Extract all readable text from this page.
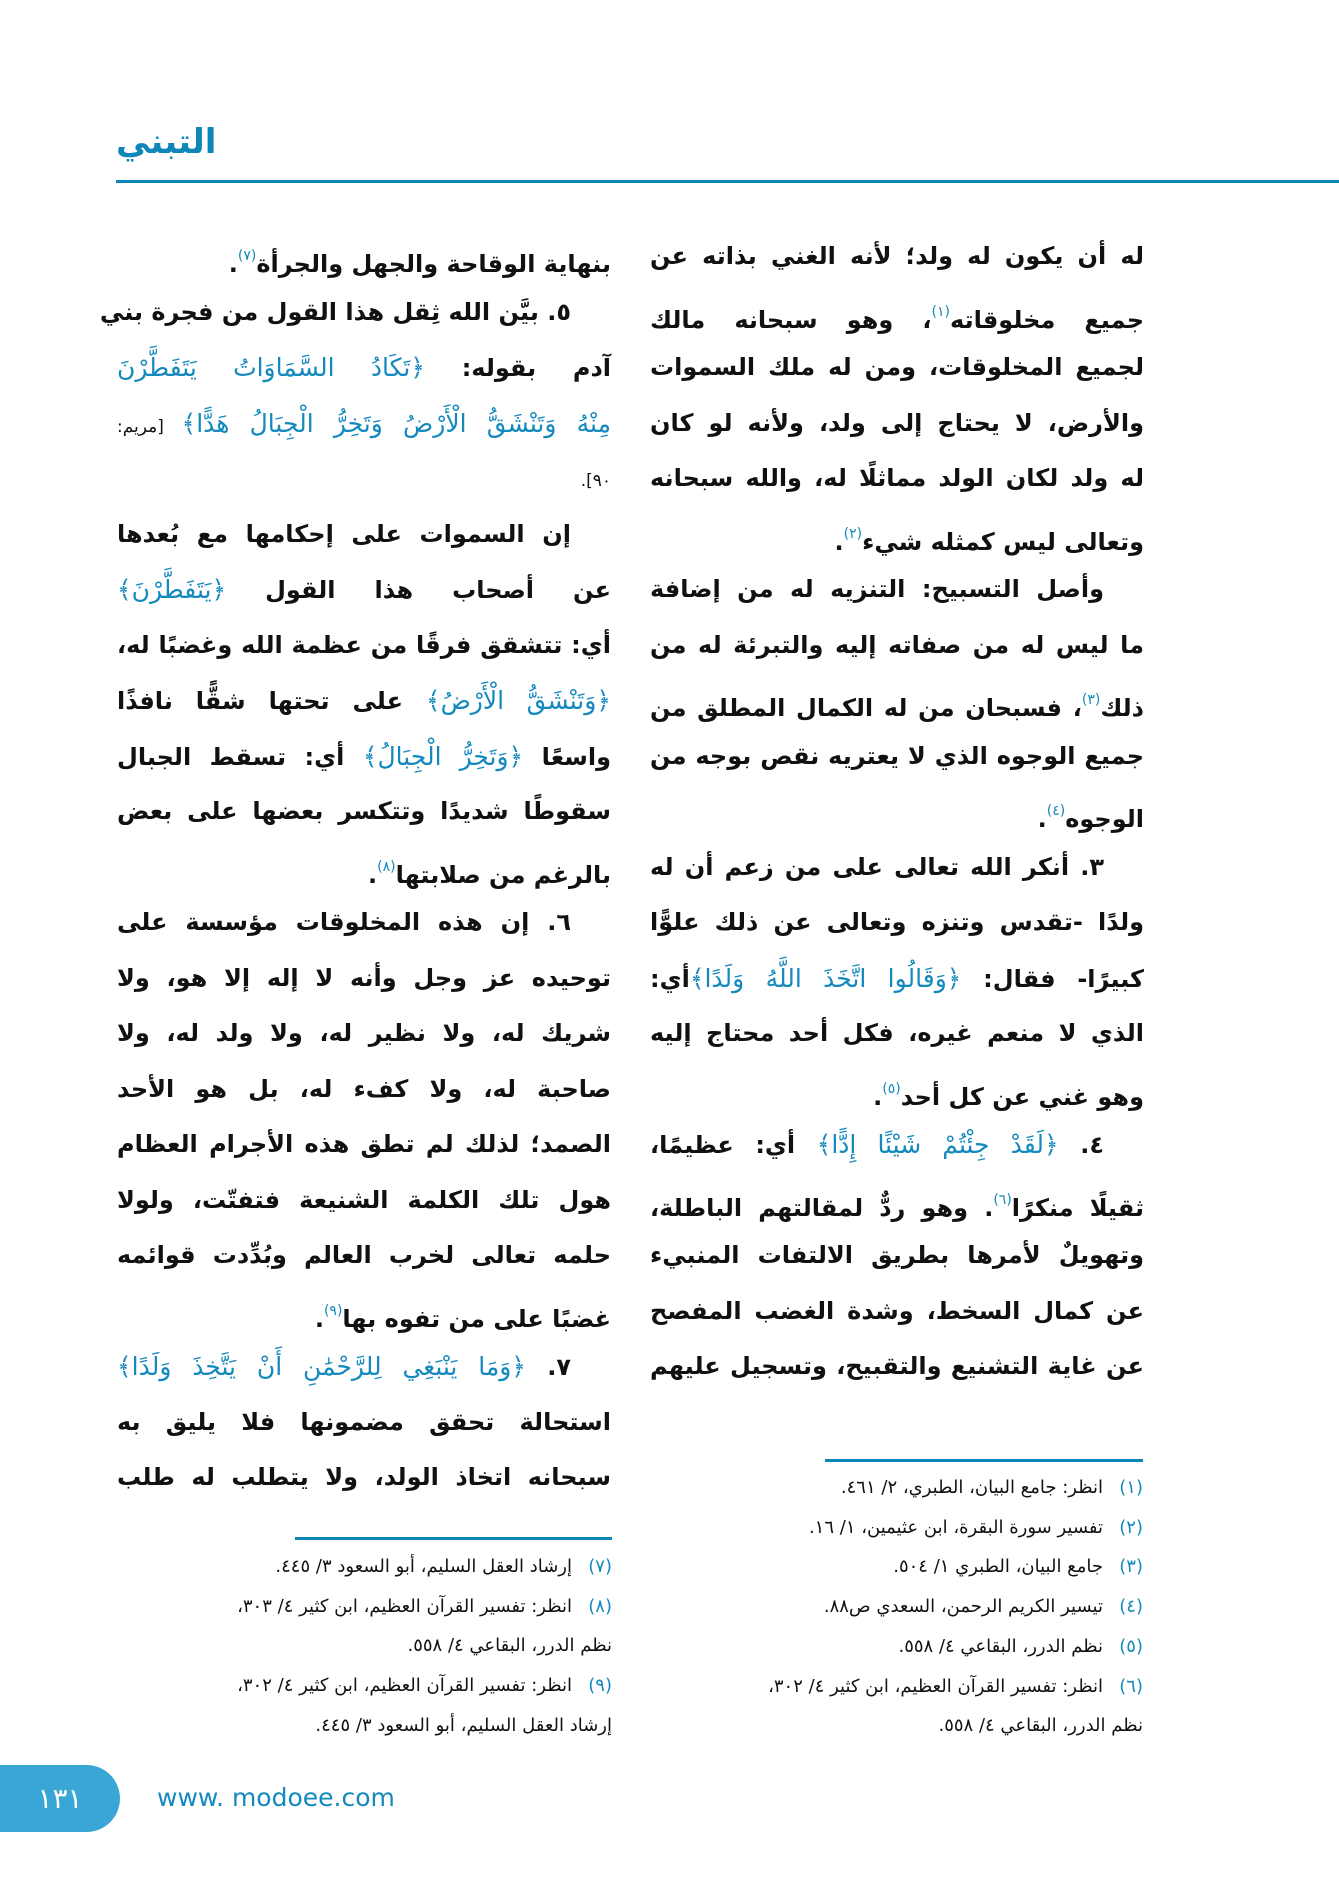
التبني
له أن يكون له ولد؛ لأنه الغني بذاته عن
جميع مخلوقاته$^{(١)}$، وهو سبحانه مالك
لجميع المخلوقات، ومن له ملك السموات
والأرض، لا يحتاج إلى ولد، ولأنه لو كان
له ولد لكان الولد مماثلًا له، والله سبحانه
وتعالى ليس كمثله شيء$^{(٢)}$.
وأصل التسبيح: التنزيه له من إضافة
ما ليس له من صفاته إليه والتبرئة له من
ذلك$^{(٣)}$، فسبحان من له الكمال المطلق من
جميع الوجوه الذي لا يعتريه نقص بوجه من
الوجوه$^{(٤)}$.
٣. أنكر الله تعالى على من زعم أن له
ولدًا -تقدس وتنزه وتعالى عن ذلك علوًّا
كبيرًا- فقال: ﴿وَقَالُوا اتَّخَذَ اللَّهُ وَلَدًا﴾أي:
الذي لا منعم غيره، فكل أحد محتاج إليه
وهو غني عن كل أحد$^{(٥)}$.
٤. ﴿لَقَدْ جِئْتُمْ شَيْئًا إِدًّا﴾ أي: عظيمًا،
ثقيلًا منكرًا$^{(٦)}$. وهو ردٌّ لمقالتهم الباطلة،
وتهويلٌ لأمرها بطريق الالتفات المنبيء
عن كمال السخط، وشدة الغضب المفصح
عن غاية التشنيع والتقبيح، وتسجيل عليهم
بنهاية الوقاحة والجهل والجرأة$^{(٧)}$.
٥. بيَّن الله ثِقل هذا القول من فجرة بني
آدم بقوله: ﴿تَكَادُ السَّمَاوَاتُ يَتَفَطَّرْنَ
مِنْهُ وَتَنْشَقُّ الْأَرْضُ وَتَخِرُّ الْجِبَالُ هَدًّا﴾ [مريم:
٩٠].
إن السموات على إحكامها مع بُعدها
عن أصحاب هذا القول ﴿يَتَفَطَّرْنَ﴾
أي: تتشقق فرقًا من عظمة الله وغضبًا له،
﴿وَتَنْشَقُّ الْأَرْضُ﴾ على تحتها شقًّا نافذًا
واسعًا ﴿وَتَخِرُّ الْجِبَالُ﴾ أي: تسقط الجبال
سقوطًا شديدًا وتتكسر بعضها على بعض
بالرغم من صلابتها$^{(٨)}$.
٦. إن هذه المخلوقات مؤسسة على
توحيده عز وجل وأنه لا إله إلا هو، ولا
شريك له، ولا نظير له، ولا ولد له، ولا
صاحبة له، ولا كفء له، بل هو الأحد
الصمد؛ لذلك لم تطق هذه الأجرام العظام
هول تلك الكلمة الشنيعة فتفتّت، ولولا
حلمه تعالى لخرب العالم وبُدِّدت قوائمه
غضبًا على من تفوه بها$^{(٩)}$.
٧. ﴿وَمَا يَنْبَغِي لِلرَّحْمَٰنِ أَنْ يَتَّخِذَ وَلَدًا﴾
استحالة تحقق مضمونها فلا يليق به
سبحانه اتخاذ الولد، ولا يتطلب له طلب	(١)انظر: جامع البيان، الطبري، ٢/ ٤٦١.
(٢)تفسير سورة البقرة، ابن عثيمين، ١/ ١٦.
(٣)جامع البيان، الطبري ١/ ٥٠٤.
(٤)تيسير الكريم الرحمن، السعدي ص٨٨.
(٥)نظم الدرر، البقاعي ٤/ ٥٥٨.
(٦)انظر: تفسير القرآن العظيم، ابن كثير ٤/ ٣٠٢،
نظم الدرر، البقاعي ٤/ ٥٥٨.
(٧)إرشاد العقل السليم، أبو السعود ٣/ ٤٤٥.
(٨)انظر: تفسير القرآن العظيم، ابن كثير ٤/ ٣٠٣،
نظم الدرر، البقاعي ٤/ ٥٥٨.
(٩)انظر: تفسير القرآن العظيم، ابن كثير ٤/ ٣٠٢،
إرشاد العقل السليم، أبو السعود ٣/ ٤٤٥.
١٣١	www. modoee.com
